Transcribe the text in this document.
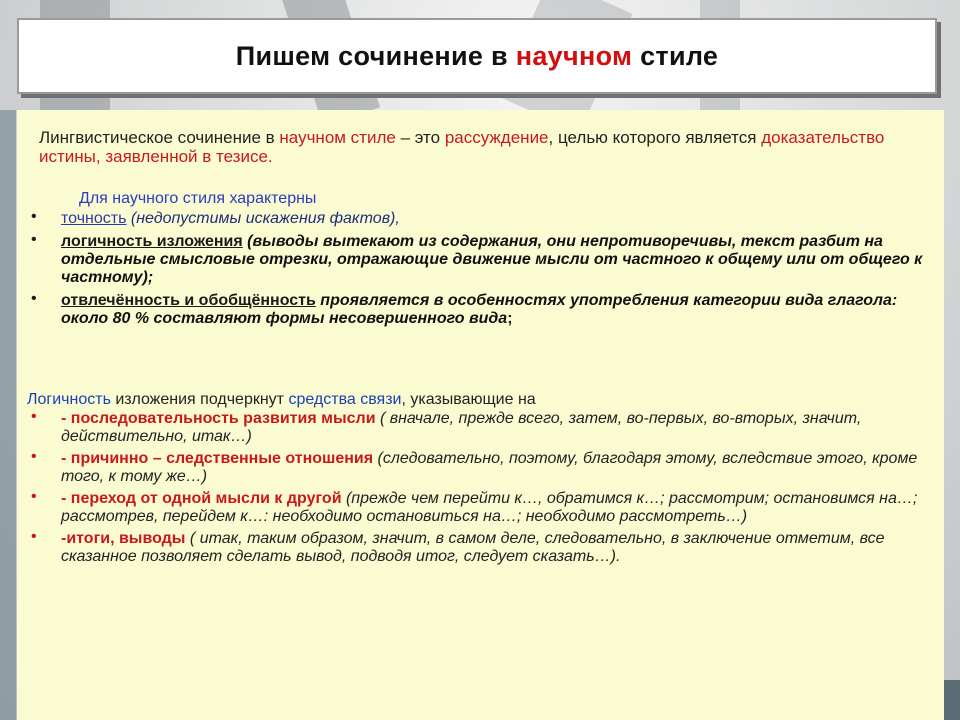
Пишем сочинение в научном стиле
Лингвистическое сочинение в научном стиле – это рассуждение, целью которого является доказательство истины, заявленной в тезисе.
Для научного стиля характерны
• точность (недопустимы искажения фактов),
• логичность изложения (выводы вытекают из содержания, они непротиворечивы, текст разбит на отдельные смысловые отрезки, отражающие движение мысли от частного к общему или от общего к частному);
• отвлечённость и обобщённость проявляется в особенностях употребления категории вида глагола: около 80 % составляют формы несовершенного вида;
Логичность изложения подчеркнут средства связи, указывающие на
• - последовательность развития мысли ( вначале, прежде всего, затем, во-первых, во-вторых, значит, действительно, итак…)
• - причинно – следственные отношения (следовательно, поэтому, благодаря этому, вследствие этого, кроме того, к тому же…)
• - переход от одной мысли к другой (прежде чем перейти к…, обратимся к…; рассмотрим; остановимся на…; рассмотрев, перейдем к…: необходимо остановиться на…; необходимо рассмотреть…)
• -итоги, выводы ( итак, таким образом, значит, в самом деле, следовательно, в заключение отметим, все сказанное позволяет сделать вывод, подводя итог, следует сказать…).
